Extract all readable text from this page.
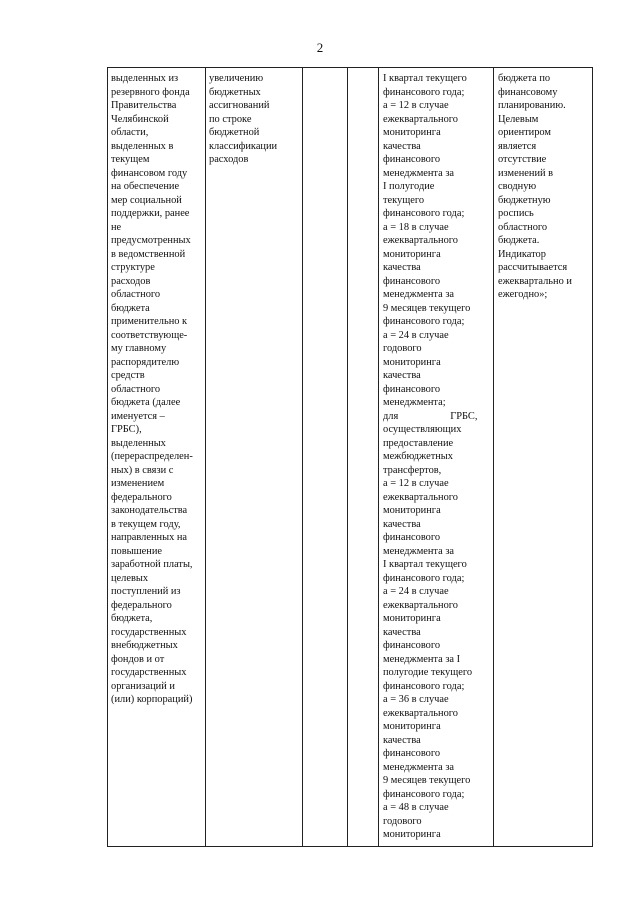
2
выделенных из
резервного фонда
Правительства
Челябинской
области,
выделенных в
текущем
финансовом году
на обеспечение
мер социальной
поддержки, ранее
не
предусмотренных
в ведомственной
структуре
расходов
областного
бюджета
применительно к
соответствующе-
му главному
распорядителю
средств
областного
бюджета (далее
именуется –
ГРБС),
выделенных
(перераспределен-
ных) в связи с
изменением
федерального
законодательства
в текущем году,
направленных на
повышение
заработной платы,
целевых
поступлений из
федерального
бюджета,
государственных
внебюджетных
фондов и от
государственных
организаций и
(или) корпораций)
увеличению
бюджетных
ассигнований
по строке
бюджетной
классификации
расходов
I квартал текущего
финансового года;
a = 12 в случае
ежеквартального
мониторинга
качества
финансового
менеджмента за
I полугодие
текущего
финансового года;
a = 18 в случае
ежеквартального
мониторинга
качества
финансового
менеджмента за
9 месяцев текущего
финансового года;
a = 24 в случае
годового
мониторинга
качества
финансового
менеджмента;
для                    ГРБС,
осуществляющих
предоставление
межбюджетных
трансфертов,
a = 12 в случае
ежеквартального
мониторинга
качества
финансового
менеджмента за
I квартал текущего
финансового года;
a = 24 в случае
ежеквартального
мониторинга
качества
финансового
менеджмента за I
полугодие текущего
финансового года;
a = 36 в случае
ежеквартального
мониторинга
качества
финансового
менеджмента за
9 месяцев текущего
финансового года;
a = 48 в случае
годового
мониторинга
бюджета по
финансовому
планированию.
Целевым
ориентиром
является
отсутствие
изменений в
сводную
бюджетную
роспись
областного
бюджета.
Индикатор
рассчитывается
ежеквартально и
ежегодно»;
